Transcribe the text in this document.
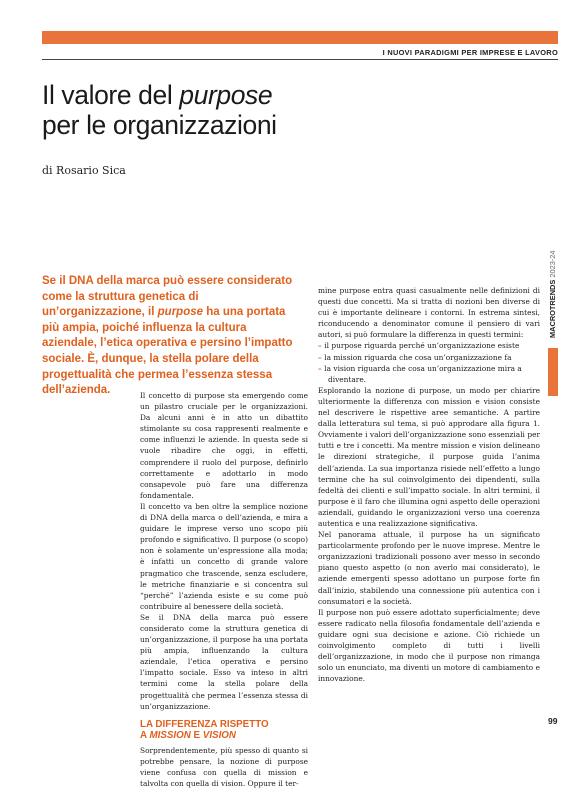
I NUOVI PARADIGMI PER IMPRESE E LAVORO
Il valore del purpose
per le organizzazioni
di Rosario Sica

Se il DNA della marca può essere considerato come la struttura genetica di un’organizzazione, il purpose ha una portata più ampia, poiché influenza la cultura aziendale, l’etica operativa e persino l’impatto sociale. È, dunque, la stella polare della progettualità che permea l’essenza stessa dell’azienda.	Il concetto di purpose sta emergendo come un pilastro cruciale per le organizzazioni. Da alcuni anni è in atto un dibattito stimolante su cosa rappresenti realmente e come influenzi le aziende. In questa sede si vuole ribadire che oggi, in effetti, comprendere il ruolo del purpose, definirlo correttamente e adottarlo in modo consapevole può fare una differenza fondamentale.

Il concetto va ben oltre la semplice nozione di DNA della marca o dell’azienda, e mira a guidare le imprese verso uno scopo più profondo e significativo. Il purpose (o scopo) non è solamente un’espressione alla moda; è infatti un concetto di grande valore pragmatico che trascende, senza escludere, le metriche finanziarie e si concentra sul “perché” l’azienda esiste e su come può contribuire al benessere della società.

Se il DNA della marca può essere considerato come la struttura genetica di un’organizzazione, il purpose ha una portata più ampia, influenzando la cultura aziendale, l’etica operativa e persino l’impatto sociale. Esso va inteso in altri termini come la stella polare della progettualità che permea l’essenza stessa di un’organizzazione.

LA DIFFERENZA RISPETTO
A MISSION E VISION

Sorprendentemente, più spesso di quanto si potrebbe pensare, la nozione di purpose viene confusa con quella di mission e talvolta con quella di vision. Oppure il ter-

mine purpose entra quasi casualmente nelle definizioni di questi due concetti. Ma si tratta di nozioni ben diverse di cui è importante delineare i contorni. In estrema sintesi, riconducendo a denominator comune il pensiero di vari autori, si può formulare la differenza in questi termini:

– il purpose riguarda perché un’organizzazione esiste
– la mission riguarda che cosa un’organizzazione fa
– la vision riguarda che cosa un’organizzazione mira a diventare.

Esplorando la nozione di purpose, un modo per chiarire ulteriormente la differenza con mission e vision consiste nel descrivere le rispettive aree semantiche. A partire dalla letteratura sul tema, si può approdare alla figura 1. Ovviamente i valori dell’organizzazione sono essenziali per tutti e tre i concetti. Ma mentre mission e vision delineano le direzioni strategiche, il purpose guida l’anima dell’azienda. La sua importanza risiede nell’effetto a lungo termine che ha sul coinvolgimento dei dipendenti, sulla fedeltà dei clienti e sull’impatto sociale. In altri termini, il purpose è il faro che illumina ogni aspetto delle operazioni aziendali, guidando le organizzazioni verso una coerenza autentica e una realizzazione significativa.

Nel panorama attuale, il purpose ha un significato particolarmente profondo per le nuove imprese. Mentre le organizzazioni tradizionali possono aver messo in secondo piano questo aspetto (o non averlo mai considerato), le aziende emergenti spesso adottano un purpose forte fin dall’inizio, stabilendo una connessione più autentica con i consumatori e la società.

Il purpose non può essere adottato superficialmente; deve essere radicato nella filosofia fondamentale dell’azienda e guidare ogni sua decisione e azione. Ciò richiede un coinvolgimento completo di tutti i livelli dell’organizzazione, in modo che il purpose non rimanga solo un enunciato, ma diventi un motore di cambiamento e innovazione.

MACROTRENDS 2023-24
99
